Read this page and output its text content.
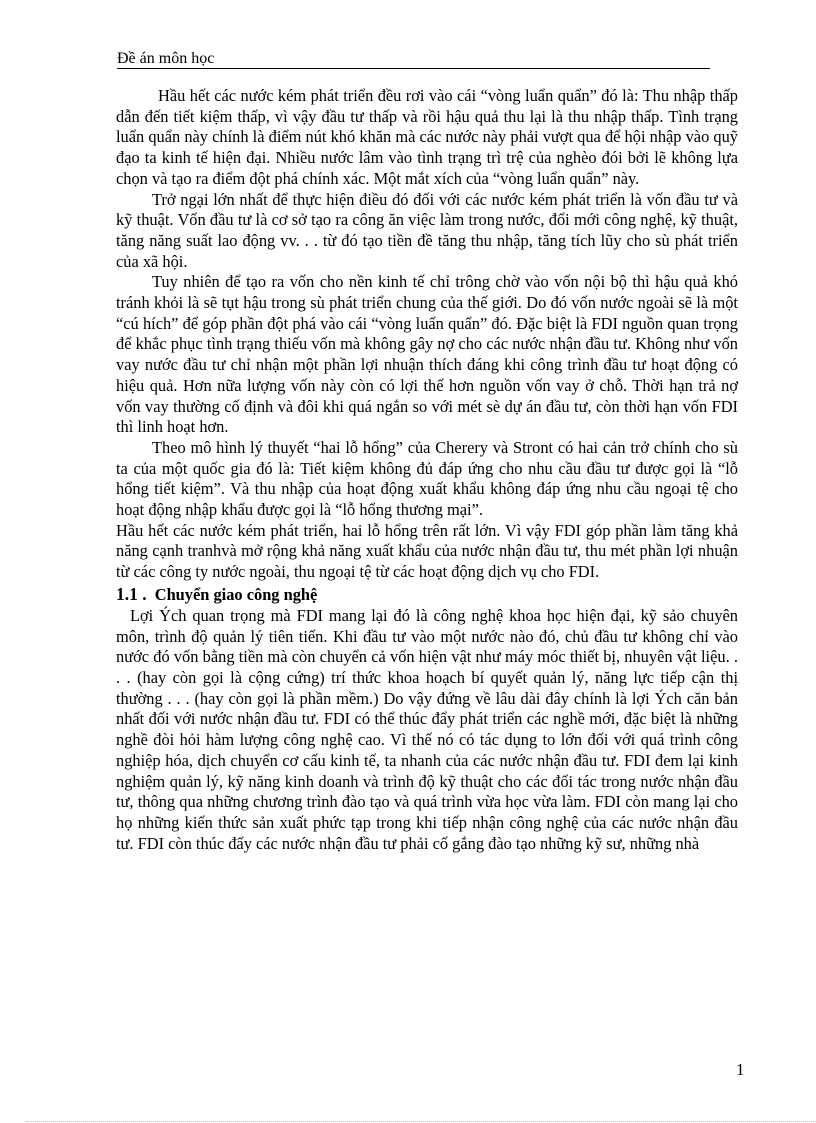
Đề án môn học

Hầu hết các nước kém phát triển đều rơi vào cái “vòng luẩn quẩn” đó là: Thu nhập thấp dẫn đến tiết kiệm thấp, vì vậy đầu tư thấp và rồi hậu quả thu lại là thu nhập thấp. Tình trạng luẩn quẩn này chính là điểm nút khó khăn mà các nước này phải vượt qua để hội nhập vào quỹ đạo ta kinh tế hiện đại. Nhiều nước lâm vào tình trạng trì trệ của nghèo đói bởi lẽ không lựa chọn và tạo ra điểm đột phá chính xác. Một mắt xích của “vòng luẩn quẩn” này.

Trở ngại lớn nhất để thực hiện điều đó đối với các nước kém phát triển là vốn đầu tư và kỹ thuật. Vốn đầu tư là cơ sở tạo ra công ăn việc làm trong nước, đổi mới công nghệ, kỹ thuật, tăng năng suất lao động vv. . . từ đó tạo tiền đề tăng thu nhập, tăng tích lũy cho sù phát triển của xã hội.

Tuy nhiên để tạo ra vốn cho nền kinh tế chỉ trông chờ vào vốn nội bộ thì hậu quả khó tránh khỏi là sẽ tụt hậu trong sù phát triển chung của thế giới. Do đó vốn nước ngoài sẽ là một “cú hích” để góp phần đột phá vào cái “vòng luẩn quẩn” đó. Đặc biệt là FDI nguồn quan trọng để khắc phục tình trạng thiếu vốn mà không gây nợ cho các nước nhận đầu tư. Không như vốn vay nước đầu tư chỉ nhận một phần lợi nhuận thích đáng khi công trình đầu tư hoạt động có hiệu quả. Hơn nữa lượng vốn này còn có lợi thế hơn nguồn vốn vay ở chỗ. Thời hạn trả nợ vốn vay thường cố định và đôi khi quá ngắn so với mét sè dự án đầu tư, còn thời hạn vốn FDI thì linh hoạt hơn.

Theo mô hình lý thuyết “hai lỗ hổng” của Cherery và Stront có hai cản trở chính cho sù ta của một quốc gia đó là: Tiết kiệm không đủ đáp ứng cho nhu cầu đầu tư được gọi là “lỗ hổng tiết kiệm”. Và thu nhập của hoạt động xuất khẩu không đáp ứng nhu cầu ngoại tệ cho hoạt động nhập khẩu được gọi là “lỗ hổng thương mại”.

Hầu hết các nước kém phát triển, hai lỗ hổng trên rất lớn. Vì vậy FDI góp phần làm tăng khả năng cạnh tranhvà mở rộng khả năng xuất khẩu của nước nhận đầu tư, thu mét phần lợi nhuận từ các công ty nước ngoài, thu ngoại tệ từ các hoạt động dịch vụ cho FDI.

1.1 . Chuyển giao công nghệ

Lợi Ých quan trọng mà FDI mang lại đó là công nghệ khoa học hiện đại, kỹ sảo chuyên môn, trình độ quản lý tiên tiến. Khi đầu tư vào một nước nào đó, chủ đầu tư không chỉ vào nước đó vốn bằng tiền mà còn chuyển cả vốn hiện vật như máy móc thiết bị, nhuyên vật liệu. . . . (hay còn gọi là cộng cứng) trí thức khoa hoạch bí quyết quản lý, năng lực tiếp cận thị thường . . . (hay còn gọi là phần mềm.) Do vậy đứng về lâu dài đây chính là lợi Ých căn bản nhất đối với nước nhận đầu tư. FDI có thể thúc đẩy phát triển các nghề mới, đặc biệt là những nghề đòi hỏi hàm lượng công nghệ cao. Vì thế nó có tác dụng to lớn đối với quá trình công nghiệp hóa, dịch chuyển cơ cấu kinh tế, ta nhanh của các nước nhận đầu tư. FDI đem lại kinh nghiệm quản lý, kỹ năng kinh doanh và trình độ kỹ thuật cho các đối tác trong nước nhận đầu tư, thông qua những chương trình đào tạo và quá trình vừa học vừa làm. FDI còn mang lại cho họ những kiến thức sản xuất phức tạp trong khi tiếp nhận công nghệ của các nước nhận đầu tư. FDI còn thúc đẩy các nước nhận đầu tư phải cố gắng đào tạo những kỹ sư, những nhà

1
